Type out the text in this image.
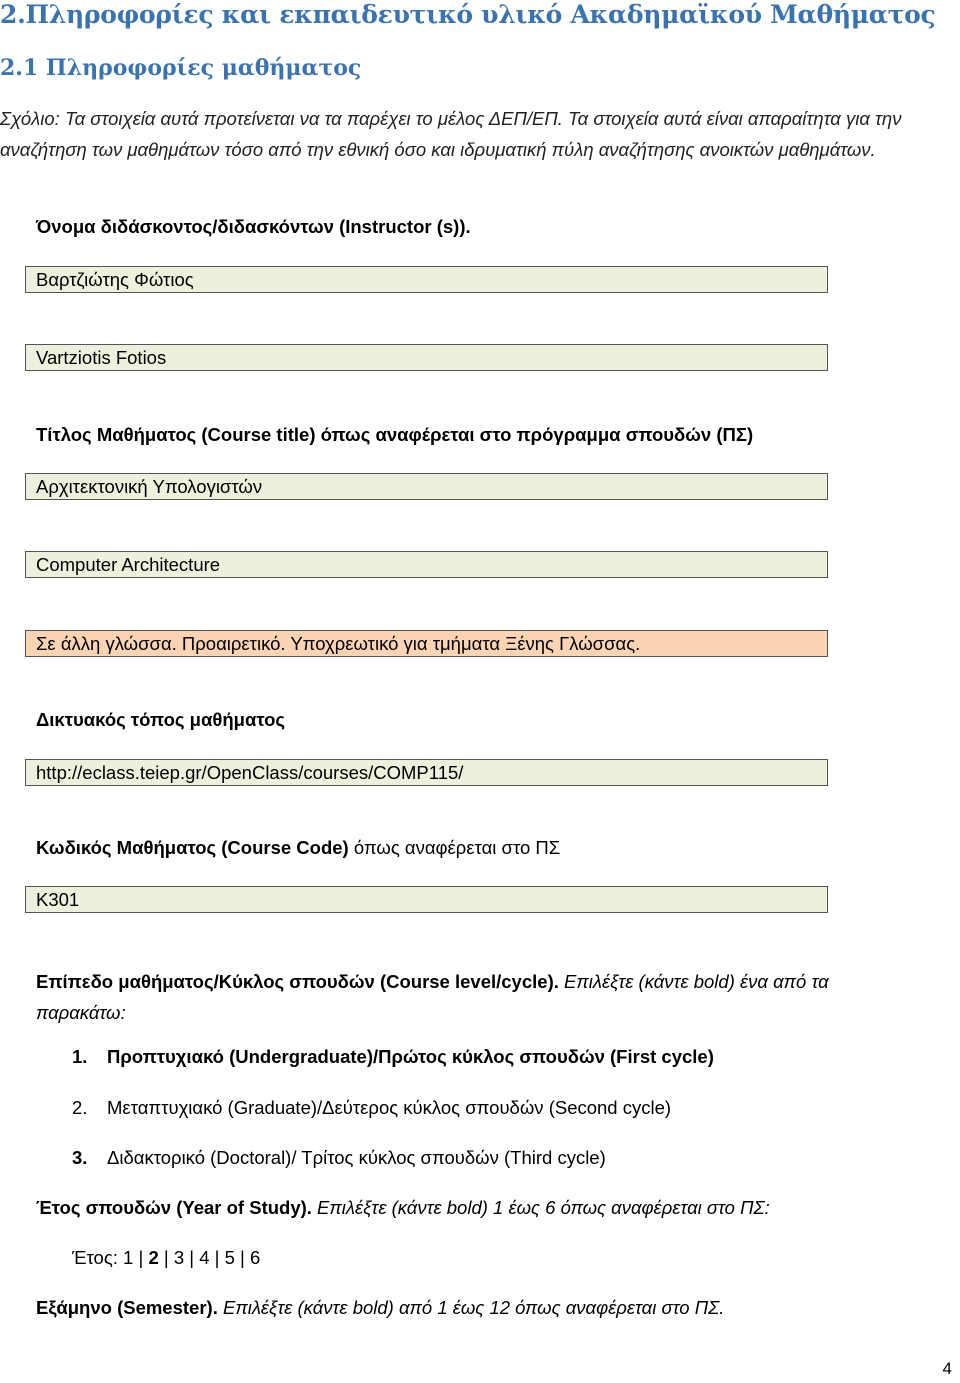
2.Πληροφορίες και εκπαιδευτικό υλικό Ακαδημαϊκού Μαθήματος
2.1 Πληροφορίες μαθήματος

Σχόλιο: Τα στοιχεία αυτά προτείνεται να τα παρέχει το μέλος ΔΕΠ/ΕΠ. Τα στοιχεία αυτά είναι απαραίτητα για την αναζήτηση των μαθημάτων τόσο από την εθνική όσο και ιδρυματική πύλη αναζήτησης ανοικτών μαθημάτων.

Όνομα διδάσκοντος/διδασκόντων (Instructor (s)).

Βαρτζιώτης Φώτιος
Vartziotis Fotios

Τίτλος Μαθήματος (Course title) όπως αναφέρεται στο πρόγραμμα σπουδών (ΠΣ)

Αρχιτεκτονική Υπολογιστών
Computer Architecture
Σε άλλη γλώσσα. Προαιρετικό. Υποχρεωτικό για τμήματα Ξένης Γλώσσας.

Δικτυακός τόπος μαθήματος

http://eclass.teiep.gr/OpenClass/courses/COMP115/

Κωδικός Μαθήματος (Course Code) όπως αναφέρεται στο ΠΣ

Κ301

Επίπεδο μαθήματος/Κύκλος σπουδών (Course level/cycle). Επιλέξτε (κάντε bold) ένα από τα παρακάτω:

1. Προπτυχιακό (Undergraduate)/Πρώτος κύκλος σπουδών (First cycle)

2. Μεταπτυχιακό (Graduate)/Δεύτερος κύκλος σπουδών (Second cycle)

3. Διδακτορικό (Doctoral)/ Τρίτος κύκλος σπουδών (Third cycle)

Έτος σπουδών (Year of Study). Επιλέξτε (κάντε bold) 1 έως 6 όπως αναφέρεται στο ΠΣ:

Έτος: 1 | 2 | 3 | 4 | 5 | 6

Εξάμηνο (Semester). Επιλέξτε (κάντε bold) από 1 έως 12 όπως αναφέρεται στο ΠΣ.

4
